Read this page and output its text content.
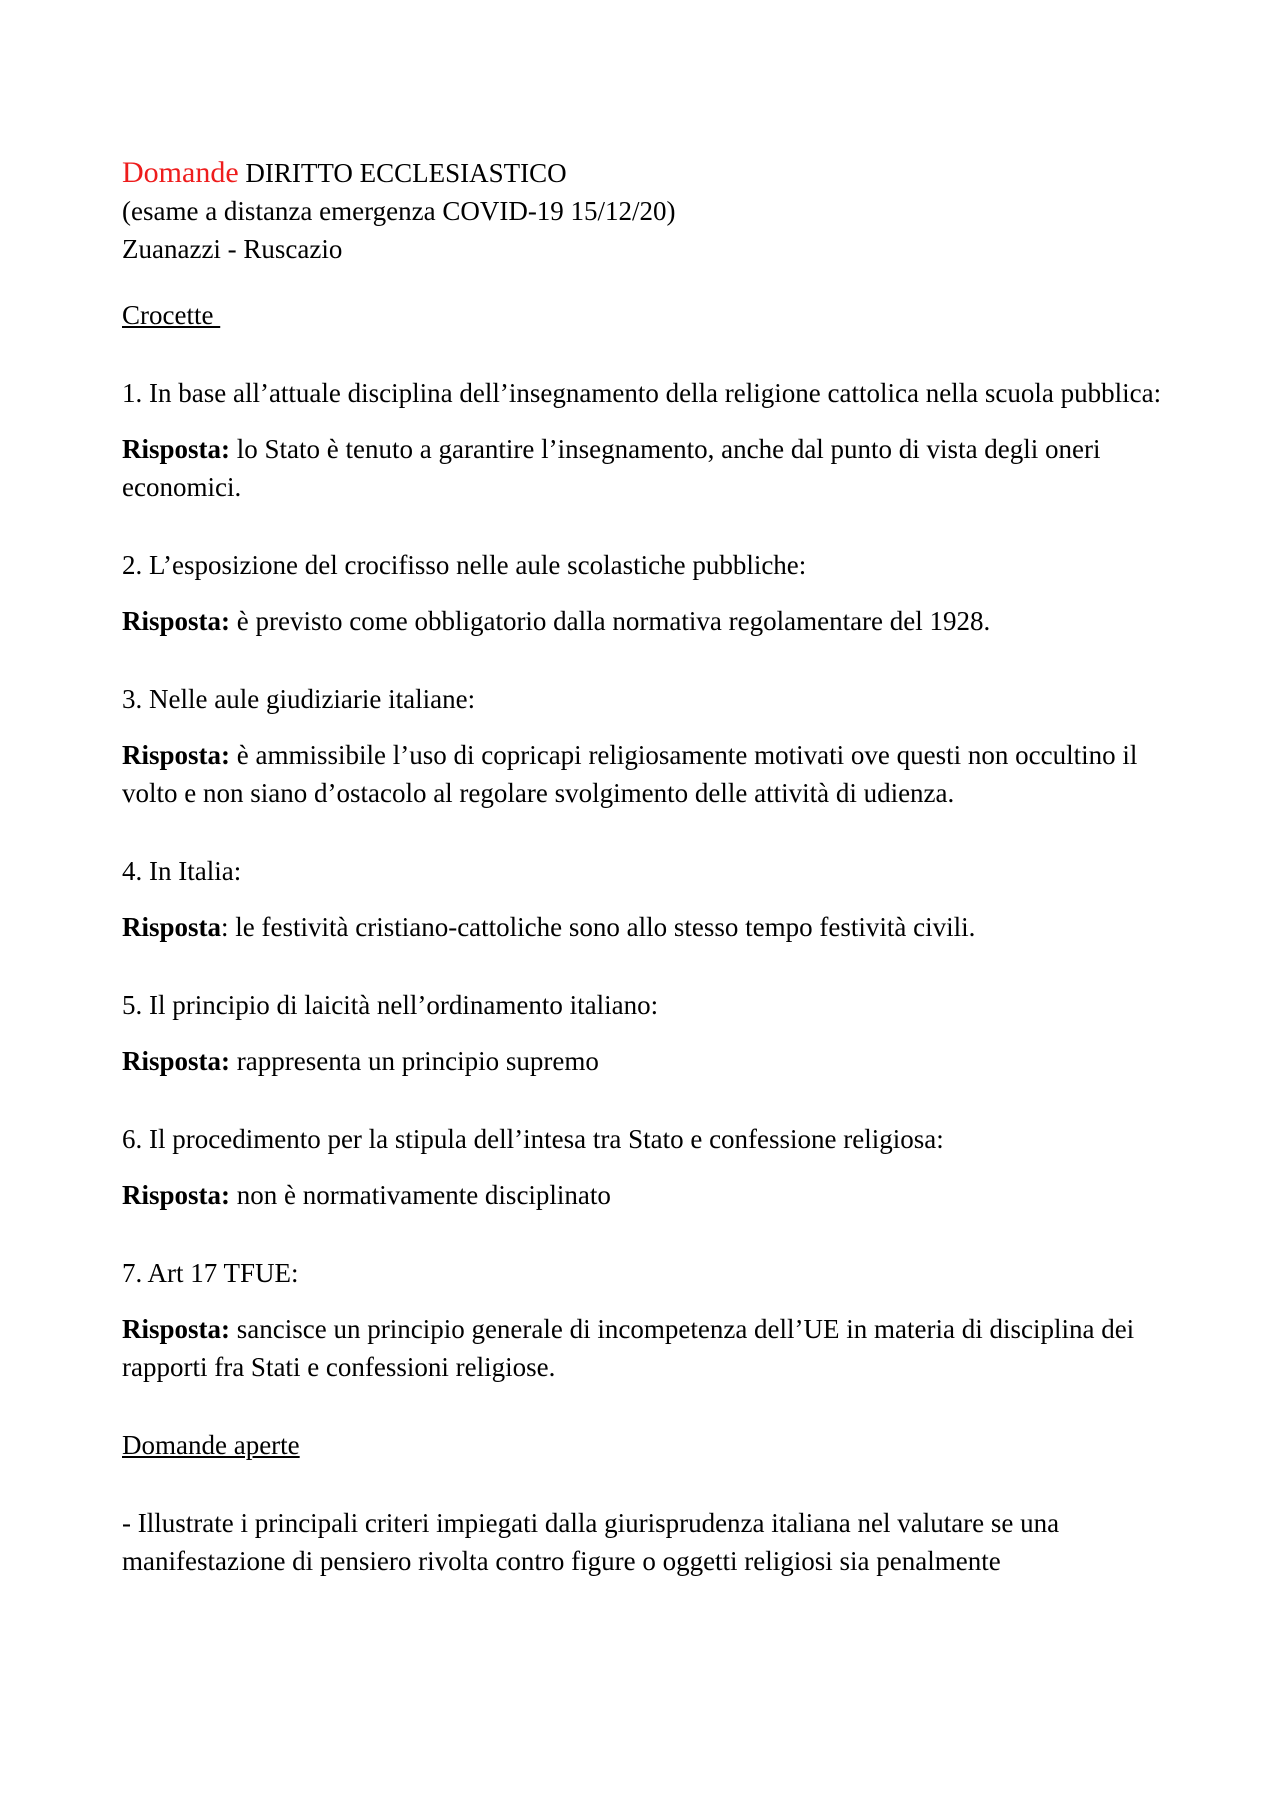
Domande DIRITTO ECCLESIASTICO
(esame a distanza emergenza COVID-19 15/12/20)
Zuanazzi - Ruscazio
Crocette
1. In base all’attuale disciplina dell’insegnamento della religione cattolica nella scuola pubblica:
Risposta: lo Stato è tenuto a garantire l’insegnamento, anche dal punto di vista degli oneri economici.
2. L’esposizione del crocifisso nelle aule scolastiche pubbliche:
Risposta: è previsto come obbligatorio dalla normativa regolamentare del 1928.
3. Nelle aule giudiziarie italiane:
Risposta: è ammissibile l’uso di copricapi religiosamente motivati ove questi non occultino il volto e non siano d’ostacolo al regolare svolgimento delle attività di udienza.
4. In Italia:
Risposta: le festività cristiano-cattoliche sono allo stesso tempo festività civili.
5. Il principio di laicità nell’ordinamento italiano:
Risposta: rappresenta un principio supremo
6. Il procedimento per la stipula dell’intesa tra Stato e confessione religiosa:
Risposta: non è normativamente disciplinato
7. Art 17 TFUE:
Risposta: sancisce un principio generale di incompetenza dell’UE in materia di disciplina dei rapporti fra Stati e confessioni religiose.
Domande aperte
- Illustrate i principali criteri impiegati dalla giurisprudenza italiana nel valutare se una manifestazione di pensiero rivolta contro figure o oggetti religiosi sia penalmente
